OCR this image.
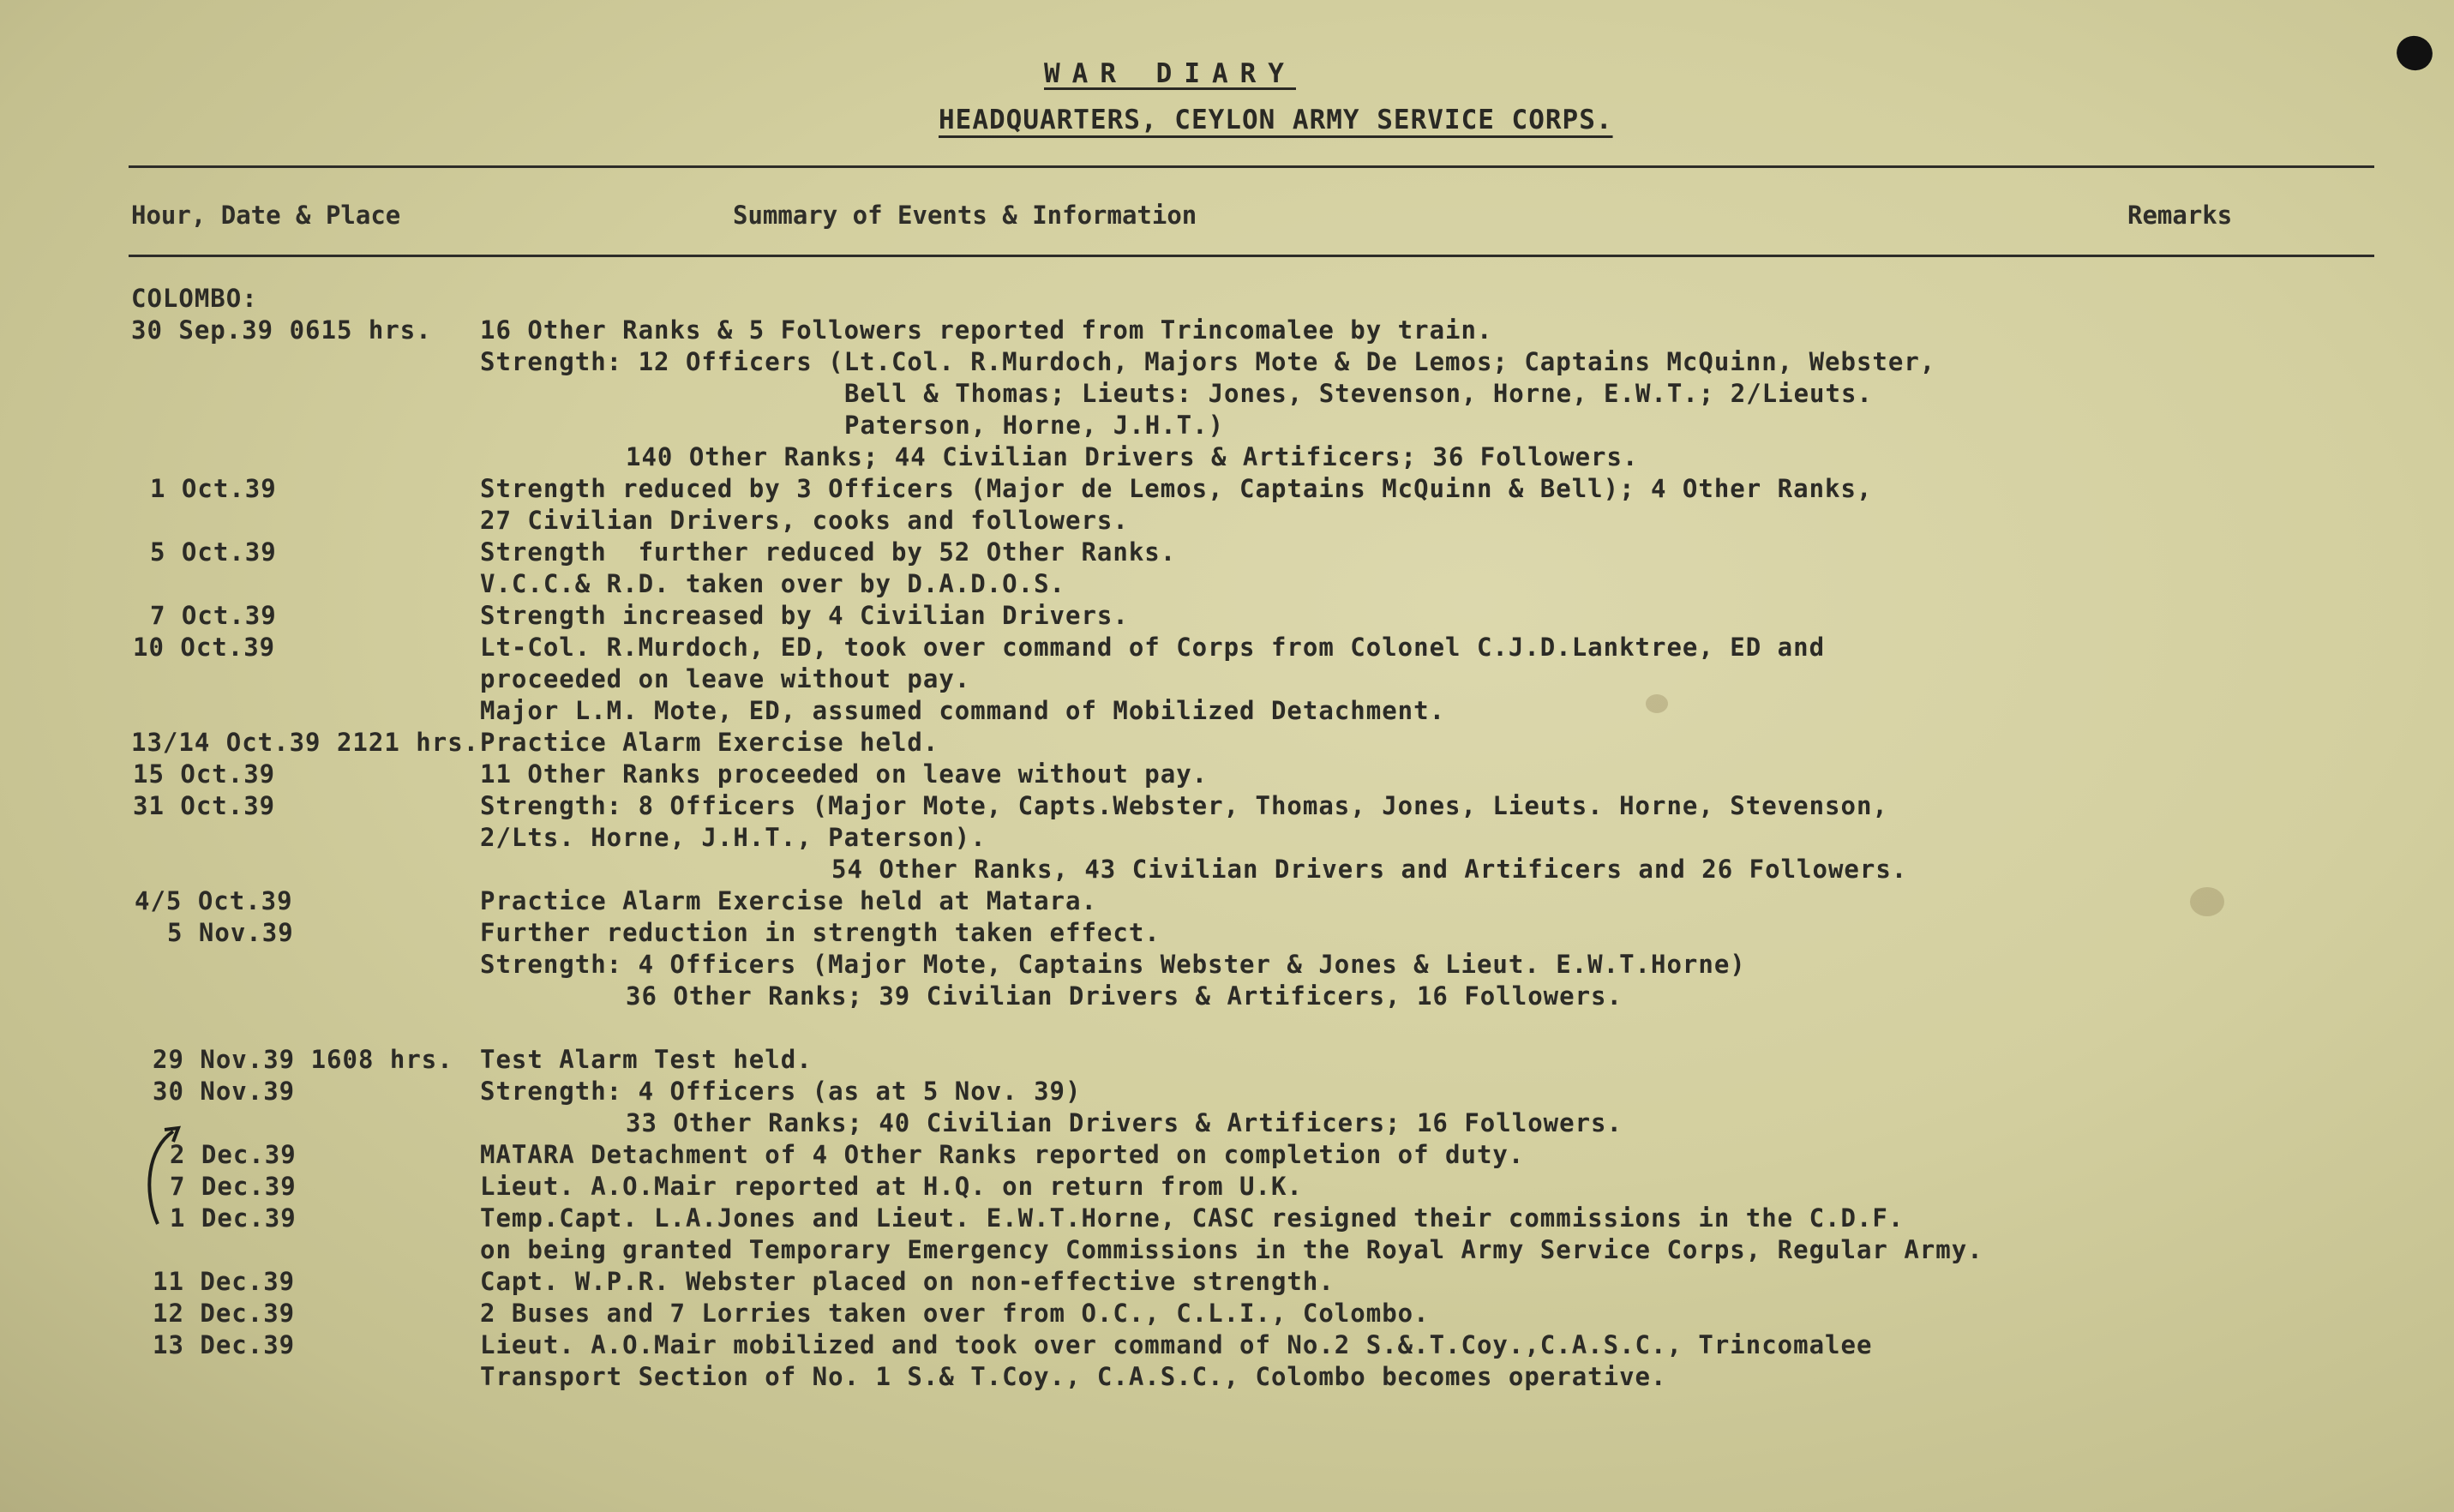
WAR DIARY
HEADQUARTERS, CEYLON ARMY SERVICE CORPS.
Hour, Date & Place	Summary of Events & Information	Remarks
COLOMBO:
30 Sep.39 0615 hrs. 16 Other Ranks & 5 Followers reported from Trincomalee by train.
Strength: 12 Officers (Lt.Col. R.Murdoch, Majors Mote & De Lemos; Captains McQuinn, Webster,
Bell & Thomas; Lieuts: Jones, Stevenson, Horne, E.W.T.; 2/Lieuts.
Paterson, Horne, J.H.T.)
140 Other Ranks; 44 Civilian Drivers & Artificers; 36 Followers.
1 Oct.39	Strength reduced by 3 Officers (Major de Lemos, Captains McQuinn & Bell); 4 Other Ranks,
27 Civilian Drivers, cooks and followers.
5 Oct.39	Strength  further reduced by 52 Other Ranks.
V.C.C.& R.D. taken over by D.A.D.O.S.
7 Oct.39	Strength increased by 4 Civilian Drivers.
10 Oct.39	Lt-Col. R.Murdoch, ED, took over command of Corps from Colonel C.J.D.Lanktree, ED and
proceeded on leave without pay.
Major L.M. Mote, ED, assumed command of Mobilized Detachment.
13/14 Oct.39 2121 hrs. Practice Alarm Exercise held.
15 Oct.39	11 Other Ranks proceeded on leave without pay.
31 Oct.39	Strength: 8 Officers (Major Mote, Capts.Webster, Thomas, Jones, Lieuts. Horne, Stevenson,
2/Lts. Horne, J.H.T., Paterson).
54 Other Ranks, 43 Civilian Drivers and Artificers and 26 Followers.
4/5 Oct.39	Practice Alarm Exercise held at Matara.
5 Nov.39	Further reduction in strength taken effect.
Strength: 4 Officers (Major Mote, Captains Webster & Jones & Lieut. E.W.T.Horne)
36 Other Ranks; 39 Civilian Drivers & Artificers, 16 Followers.
29 Nov.39 1608 hrs. Test Alarm Test held.
30 Nov.39	Strength: 4 Officers (as at 5 Nov. 39)
33 Other Ranks; 40 Civilian Drivers & Artificers; 16 Followers.
2 Dec.39	MATARA Detachment of 4 Other Ranks reported on completion of duty.
7 Dec.39	Lieut. A.O.Mair reported at H.Q. on return from U.K.
1 Dec.39	Temp.Capt. L.A.Jones and Lieut. E.W.T.Horne, CASC resigned their commissions in the C.D.F.
on being granted Temporary Emergency Commissions in the Royal Army Service Corps, Regular Army.
11 Dec.39	Capt. W.P.R. Webster placed on non-effective strength.
12 Dec.39	2 Buses and 7 Lorries taken over from O.C., C.L.I., Colombo.
13 Dec.39	Lieut. A.O.Mair mobilized and took over command of No.2 S.&.T.Coy.,C.A.S.C., Trincomalee
Transport Section of No. 1 S.& T.Coy., C.A.S.C., Colombo becomes operative.
